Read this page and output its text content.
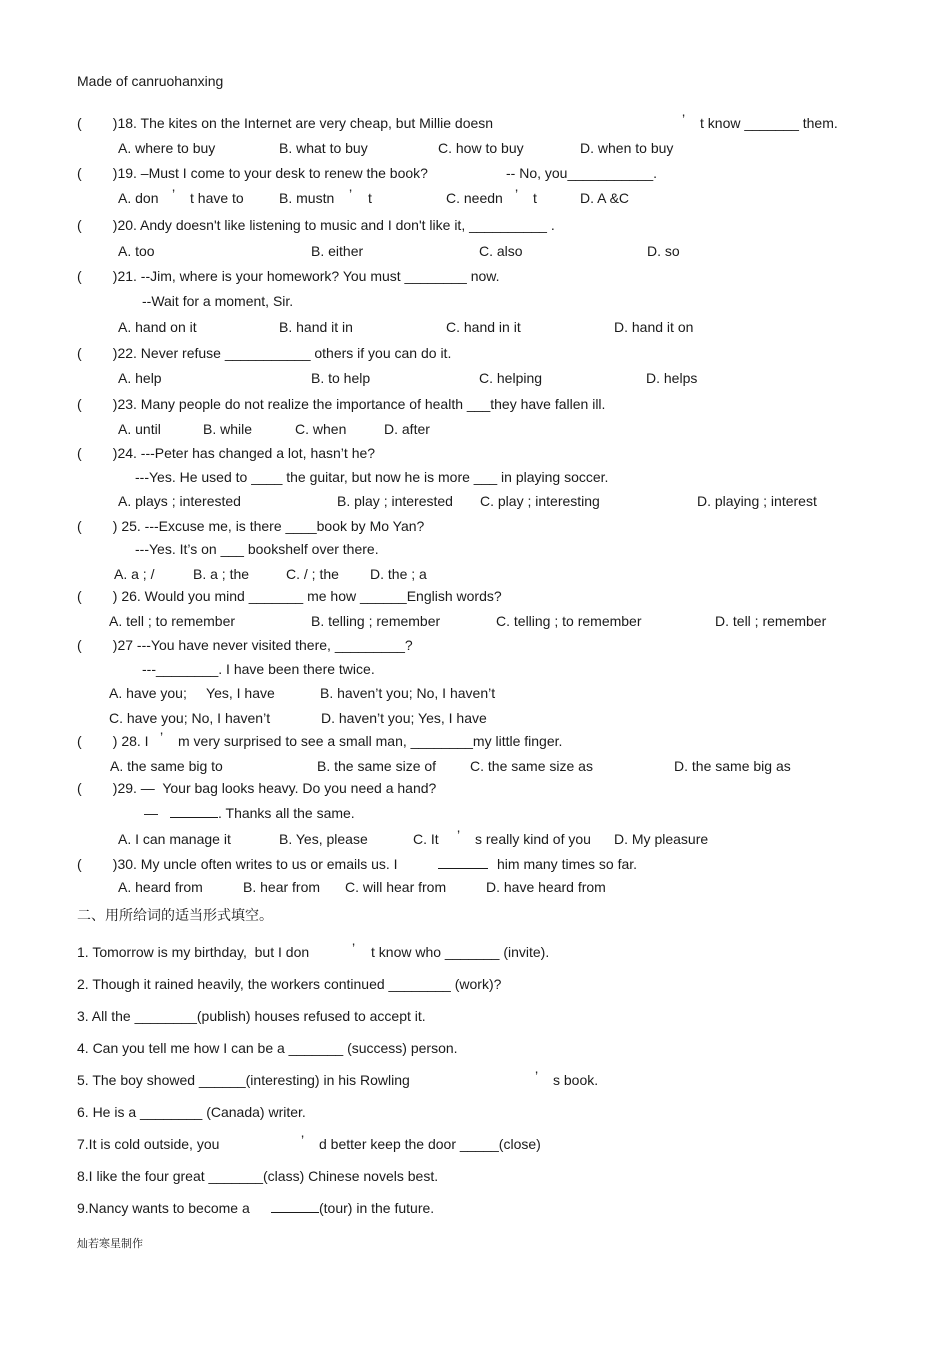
Made of canruohanxing
灿若寒星制作
(        )18. The kites on the Internet are very cheap, but Millie doesn	’ t know _______ them.
A. where to buy	B. what to buy	C. how to buy	D. when to buy
(        )19. –Must I come to your desk to renew the book?	-- No, you___________.
A. don ’ t have to	B. mustn ’ t	C. needn ’ t	D. A &C
(        )20. Andy doesn't like listening to music and I don't like it, __________ .
A. too	B. either	C. also	D. so
(        )21. --Jim, where is your homework? You must ________ now.
--Wait for a moment, Sir.
A. hand on it	B. hand it in	C. hand in it	D. hand it on
(        )22. Never refuse ___________ others if you can do it.
A. help	B. to help	C. helping	D. helps
(        )23. Many people do not realize the importance of health ___they have fallen ill.
A. until	B. while	C. when	D. after
(        )24. ---Peter has changed a lot, hasn’t he?
---Yes. He used to ____ the guitar, but now he is more ___ in playing soccer.
A. plays ; interested	B. play ; interested C. play ; interesting	D. playing ; interest
(        ) 25. ---Excuse me, is there ____book by Mo Yan?
---Yes. It’s on ___ bookshelf over there.
A. a ; /	B. a ; the	C. / ; the D. the ; a
(        ) 26. Would you mind _______ me how ______English words?
A. tell ; to remember	B. telling ; remember	C. telling ; to remember	D. tell ; remember
(        )27 ---You have never visited there, _________?
---________. I have been there twice.
A. have you;     Yes, I have	B. haven’t you; No, I haven’t
C. have you; No, I haven’t	D. haven’t you; Yes, I have
(        ) 28. I ’ m very surprised to see a small man, ________my little finger.
A. the same big to	B. the same size of C. the same size as	D. the same big as
(        )29. —  Your bag looks heavy. Do you need a hand?
—	. Thanks all the same.
A. I can manage it	B. Yes, please	C. It ’ s really kind of you D. My pleasure
(        )30. My uncle often writes to us or emails us. I	him many times so far.
A. heard from	B. hear from C. will hear from	D. have heard from
二、用所给词的适当形式填空。
1. Tomorrow is my birthday,  but I don	’ t know who _______ (invite).
2. Though it rained heavily, the workers continued ________ (work)?
3. All the ________(publish) houses refused to accept it.
4. Can you tell me how I can be a _______ (success) person.
5. The boy showed ______(interesting) in his Rowling	’ s book.
6. He is a ________ (Canada) writer.
7.It is cold outside, you	’ d better keep the door _____(close)
8.I like the four great _______(class) Chinese novels best.
9.Nancy wants to become a	(tour) in the future.
